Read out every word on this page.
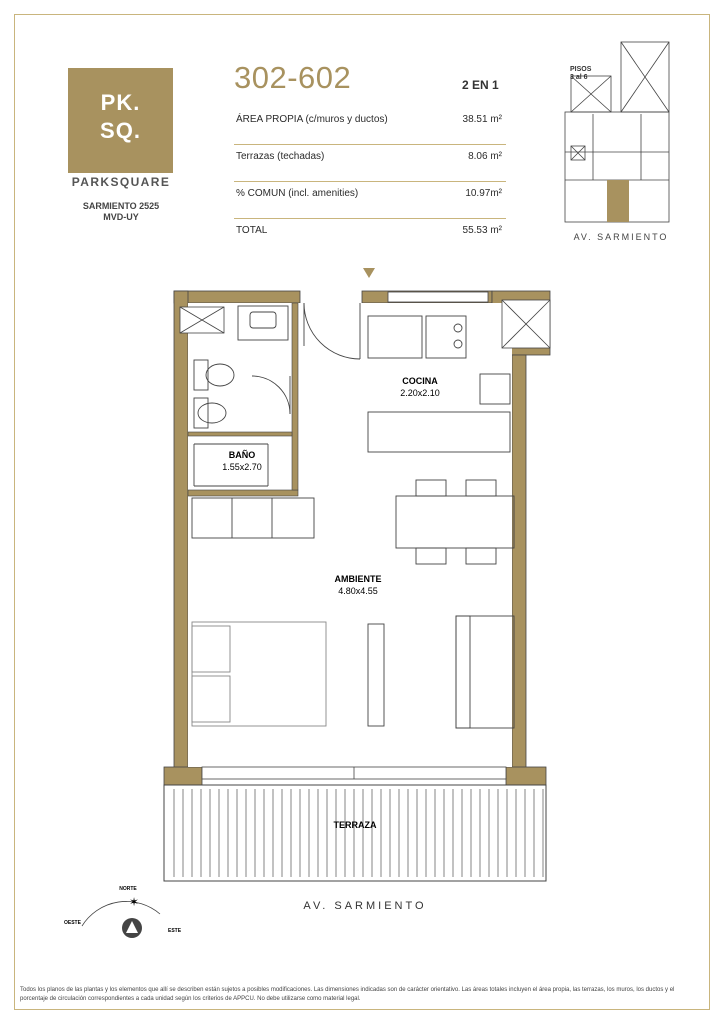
PK.
SQ.
PARKSQUARE
SARMIENTO 2525
MVD-UY
302-602	2 EN 1
ÁREA PROPIA (c/muros y ductos)	38.51 m²
Terrazas (techadas)	8.06 m²
% COMUN (incl. amenities)	10.97m²
TOTAL	55.53 m²
PISOS
3 al 6
AV. SARMIENTO
COCINA
2.20x2.10
BAÑO
1.55x2.70
AMBIENTE
4.80x4.55
TERRAZA
AV. SARMIENTO
NORTE
✶
OESTE
ESTE
Todos los planos de las plantas y los elementos que allí se describen están sujetos a posibles modificaciones. Las dimensiones indicadas son de carácter orientativo. Las áreas totales incluyen el área propia, las terrazas, los muros, los ductos y el porcentaje de circulación correspondientes a cada unidad según los criterios de APPCU. No debe utilizarse como material legal.
